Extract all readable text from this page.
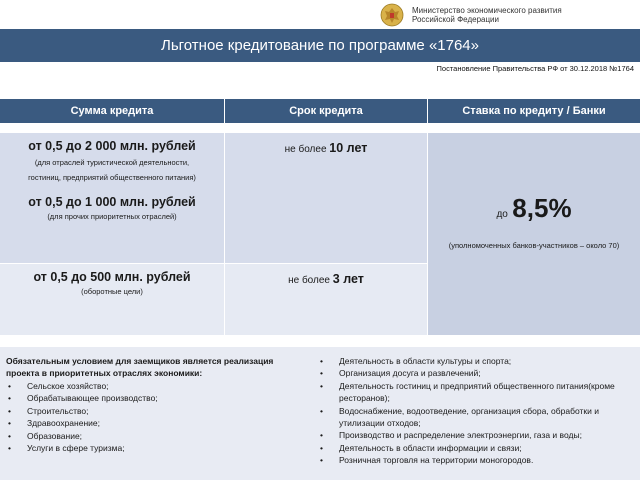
Министерство экономического развития
Российской Федерации
Льготное кредитование по программе «1764»
Постановление Правительства РФ от 30.12.2018 №1764
Сумма кредита	Срок кредита	Ставка по кредиту / Банки
от 0,5 до 2 000 млн. рублей
(для отраслей туристической деятельности,
гостиниц, предприятий общественного питания)
от 0,5 до 1 000 млн. рублей
(для прочих приоритетных отраслей)
не более 10 лет
до 8,5%
(уполномоченных банков-участников – около 70)
от 0,5 до 500 млн. рублей
(оборотные цели)
не более 3 лет
Обязательным условием для заемщиков является реализация
проекта в приоритетных отраслях экономики:
• Сельское хозяйство;
• Обрабатывающее производство;
• Строительство;
• Здравоохранение;
• Образование;
• Услуги в сфере туризма;
• Деятельность в области культуры и спорта;
• Организация досуга и развлечений;
• Деятельность гостиниц и предприятий общественного питания(кроме ресторанов);
• Водоснабжение, водоотведение, организация сбора, обработки и утилизации отходов;
• Производство и распределение электроэнергии, газа и воды;
• Деятельность в области информации и связи;
• Розничная торговля на территории моногородов.
